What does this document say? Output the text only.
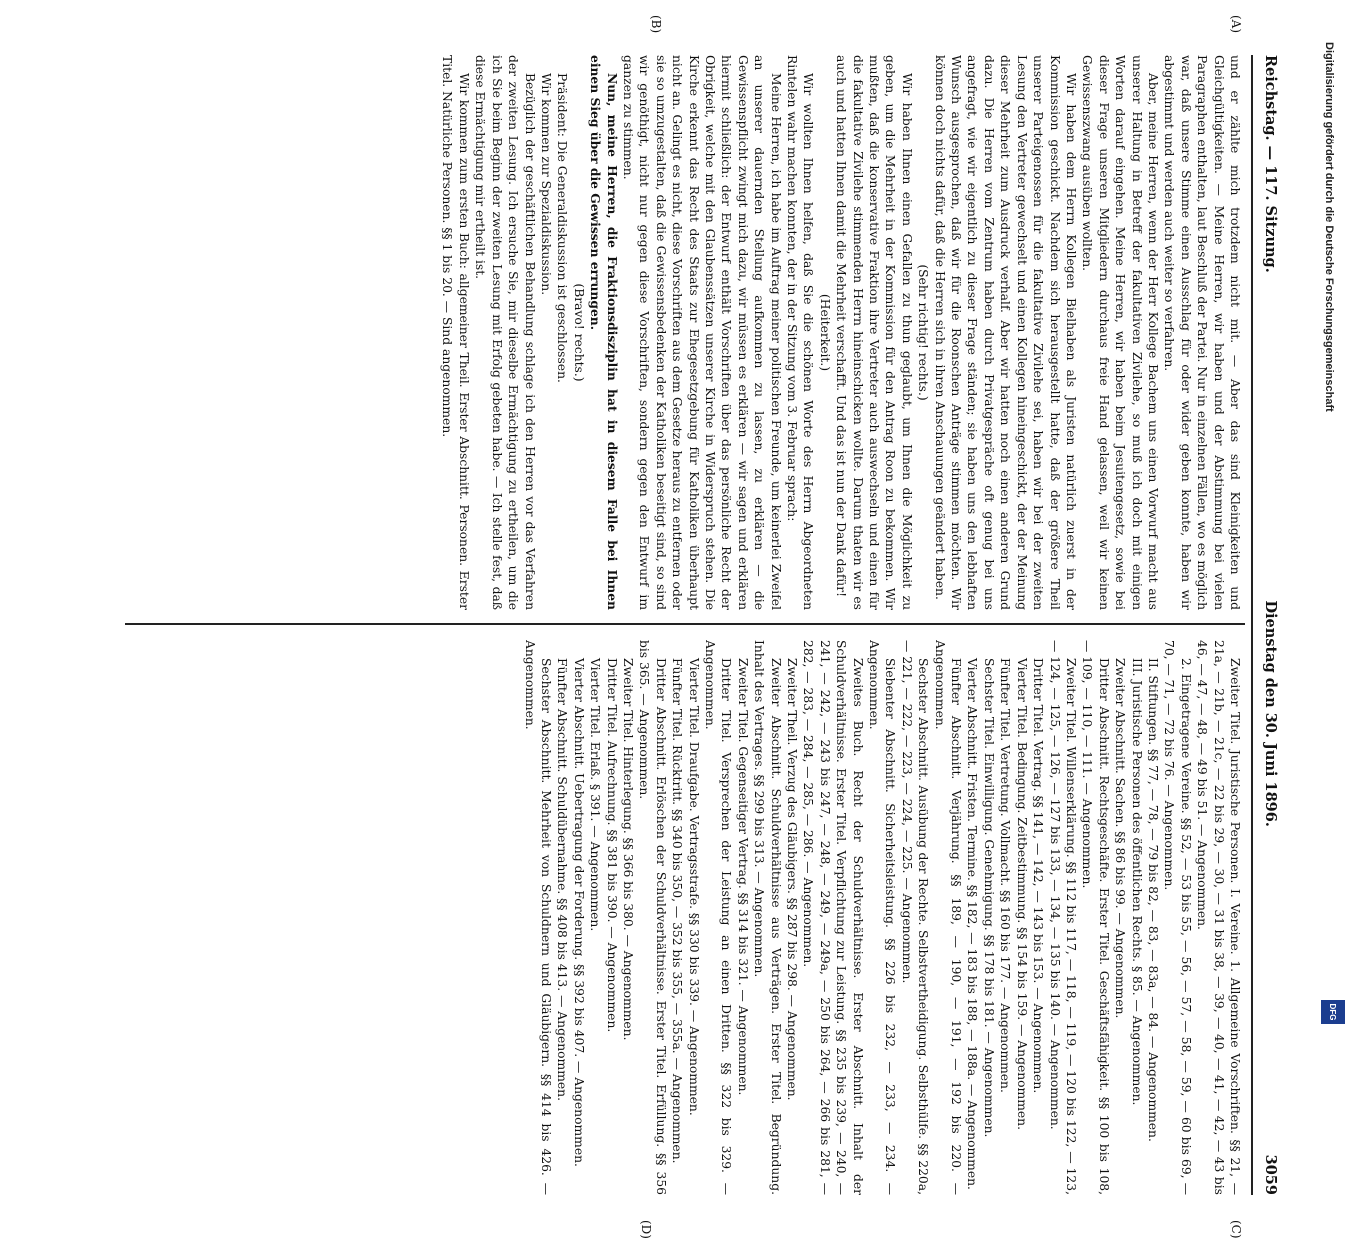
Reichstag. — 117. Sitzung.
Dienstag den 30. Juni 1896.
3059
(A)
(B)
(C)
(D)

und er zählte mich trotzdem nicht mit. — Aber das sind Kleinigkeiten und Gleichgültigkeiten. — Meine Herren, wir haben und der Abstimmung bei vielen Paragraphen enthalten, laut Beschluß der Partei. Nur in einzelnen Fällen, wo es möglich war, daß unsere Stimme einen Ausschlag für oder wider geben konnte, haben wir abgestimmt und werden auch weiter so verfahren.

Aber, meine Herren, wenn der Herr Kollege Bachem uns einen Vorwurf macht aus unserer Haltung in Betreff der fakultativen Zivilehe, so muß ich doch mit einigen Worten darauf eingehen. Meine Herren, wir haben beim Jesuitengesetz, sowie bei dieser Frage unseren Mitgliedern durchaus freie Hand gelassen, weil wir keinen Gewissenszwang ausüben wollten.

Wir haben dem Herrn Kollegen Bielhaben als Juristen natürlich zuerst in der Kommission geschickt. Nachdem sich herausgestellt hatte, daß der größere Theil unserer Parteigenossen für die fakultative Zivilehe sei, haben wir bei der zweiten Lesung den Vertreter gewechselt und einen Kollegen hineingeschickt, der der Meinung dieser Mehrheit zum Ausdruck verhalf. Aber wir hatten noch einen anderen Grund dazu. Die Herren vom Zentrum haben durch Privatgespräche oft genug bei uns angefragt, wie wir eigentlich zu dieser Frage ständen; sie haben uns den lebhaften Wunsch ausgesprochen, daß wir für die Roonschen Anträge stimmen möchten. Wir können doch nichts dafür, daß die Herren sich in ihren Anschauungen geändert haben.

(Sehr richtig! rechts.)

Wir haben Ihnen einen Gefallen zu thun geglaubt, um Ihnen die Möglichkeit zu geben, um die Mehrheit in der Kommission für den Antrag Roon zu bekommen. Wir mußten, daß die konservative Fraktion ihre Vertreter auch auswechseln und einen für die fakultative Zivilehe stimmenden Herrn hineinschicken wollte. Darum thaten wir es auch und hatten Ihnen damit die Mehrheit verschafft. Und das ist nun der Dank dafür!

(Heiterkeit.)

Wir wollten Ihnen helfen, daß Sie die schönen Worte des Herrn Abgeordneten Rintelen wahr machen konnten, der in der Sitzung vom 3. Februar sprach:

Meine Herren, ich habe im Auftrag meiner politischen Freunde, um keinerlei Zweifel an unserer dauernden Stellung aufkommen zu lassen, zu erklären — die Gewissenspflicht zwingt mich dazu, wir müssen es erklären — wir sagen und erklären hiermit schließlich: der Entwurf enthält Vorschriften über das persönliche Recht der Obrigkeit, welche mit den Glaubenssätzen unserer Kirche in Widerspruch stehen. Die Kirche erkennt das Recht des Staats zur Ehegesetzgebung für Katholiken überhaupt nicht an. Gelingt es nicht, diese Vorschriften aus dem Gesetze heraus zu entfernen oder sie so umzugestalten, daß die Gewissensbedenken der Katholiken beseitigt sind, so sind wir genöthigt, nicht nur gegen diese Vorschriften, sondern gegen den Entwurf im ganzen zu stimmen.

Nun, meine Herren, die Fraktionsdisziplin hat in diesem Falle bei Ihnen einen Sieg über die Gewissen errungen.

(Bravo! rechts.)

Präsident: Die Generaldiskussion ist geschlossen.

Wir kommen zur Spezialdiskussion.

Bezüglich der geschäftlichen Behandlung schlage ich den Herren vor das Verfahren der zweiten Lesung. Ich ersuche Sie, mir dieselbe Ermächtigung zu ertheilen, um die ich Sie beim Beginn der zweiten Lesung mit Erfolg gebeten habe. — Ich stelle fest, daß diese Ermächtigung mir ertheilt ist.

Wir kommen zum ersten Buch: allgemeiner Theil. Erster Abschnitt. Personen. Erster Titel. Natürliche Personen. §§ 1 bis 20. — Sind angenommen.

Zweiter Titel. Juristische Personen. I. Vereine. 1. Allgemeine Vorschriften. §§ 21, — 21a, — 21b, — 21c, — 22 bis 29, — 30, — 31 bis 38, — 39, — 40, — 41, — 42, — 43 bis 46, — 47, — 48, — 49 bis 51. — Angenommen.

2. Eingetragene Vereine. §§ 52, — 53 bis 55, — 56, — 57, — 58, — 59, — 60 bis 69, — 70, — 71, — 72 bis 76. — Angenommen.

II. Stiftungen. §§ 77, — 78, — 79 bis 82, — 83, — 83a, — 84. — Angenommen.

III. Juristische Personen des öffentlichen Rechts. § 85. — Angenommen.

Zweiter Abschnitt. Sachen. §§ 86 bis 99. — Angenommen.

Dritter Abschnitt. Rechtsgeschäfte. Erster Titel. Geschäftsfähigkeit. §§ 100 bis 108, — 109, — 110, — 111. — Angenommen.

Zweiter Titel. Willenserklärung. §§ 112 bis 117, — 118, — 119, — 120 bis 122, — 123, — 124, — 125, — 126, — 127 bis 133, — 134, — 135 bis 140. — Angenommen.

Dritter Titel. Vertrag. §§ 141, — 142, — 143 bis 153. — Angenommen.

Vierter Titel. Bedingung. Zeitbestimmung. §§ 154 bis 159. — Angenommen.

Fünfter Titel. Vertretung. Vollmacht. §§ 160 bis 177. — Angenommen.

Sechster Titel. Einwilligung. Genehmigung. §§ 178 bis 181. — Angenommen.

Vierter Abschnitt. Fristen. Termine. §§ 182, — 183 bis 188, — 188a. — Angenommen.

Fünfter Abschnitt. Verjährung. §§ 189, — 190, — 191, — 192 bis 220. — Angenommen.

Sechster Abschnitt. Ausübung der Rechte. Selbstvertheidigung. Selbsthülfe. §§ 220a, — 221, — 222, — 223, — 224, — 225. — Angenommen.

Siebenter Abschnitt. Sicherheitsleistung. §§ 226 bis 232, — 233, — 234. — Angenommen.

Zweites Buch. Recht der Schuldverhältnisse. Erster Abschnitt. Inhalt der Schuldverhältnisse. Erster Titel. Verpflichtung zur Leistung. §§ 235 bis 239, — 240, — 241, — 242, — 243 bis 247, — 248, — 249, — 249a, — 250 bis 264, — 266 bis 281, — 282, — 283, — 284, — 285, — 286. — Angenommen.

Zweiter Theil. Verzug des Gläubigers. §§ 287 bis 298. — Angenommen.

Zweiter Abschnitt. Schuldverhältnisse aus Verträgen. Erster Titel. Begründung. Inhalt des Vertrages. §§ 299 bis 313. — Angenommen.

Zweiter Titel. Gegenseitiger Vertrag. §§ 314 bis 321. — Angenommen.

Dritter Titel. Versprechen der Leistung an einen Dritten. §§ 322 bis 329. — Angenommen.

Vierter Titel. Draufgabe. Vertragsstrafe. §§ 330 bis 339. — Angenommen.

Fünfter Titel. Rücktritt. §§ 340 bis 350, — 352 bis 355, — 355a. — Angenommen.

Dritter Abschnitt. Erlöschen der Schuldverhältnisse. Erster Titel. Erfüllung. §§ 356 bis 365. — Angenommen.

Zweiter Titel. Hinterlegung. §§ 366 bis 380. — Angenommen.

Dritter Titel. Aufrechnung. §§ 381 bis 390. — Angenommen.

Vierter Titel. Erlaß. § 391. — Angenommen.

Vierter Abschnitt. Uebertragung der Forderung. §§ 392 bis 407. — Angenommen.

Fünfter Abschnitt. Schuldübernahme. §§ 408 bis 413. — Angenommen.

Sechster Abschnitt. Mehrheit von Schuldnern und Gläubigern. §§ 414 bis 426. — Angenommen.

DFG
Digitalisierung gefördert durch die Deutsche Forschungsgemeinschaft
